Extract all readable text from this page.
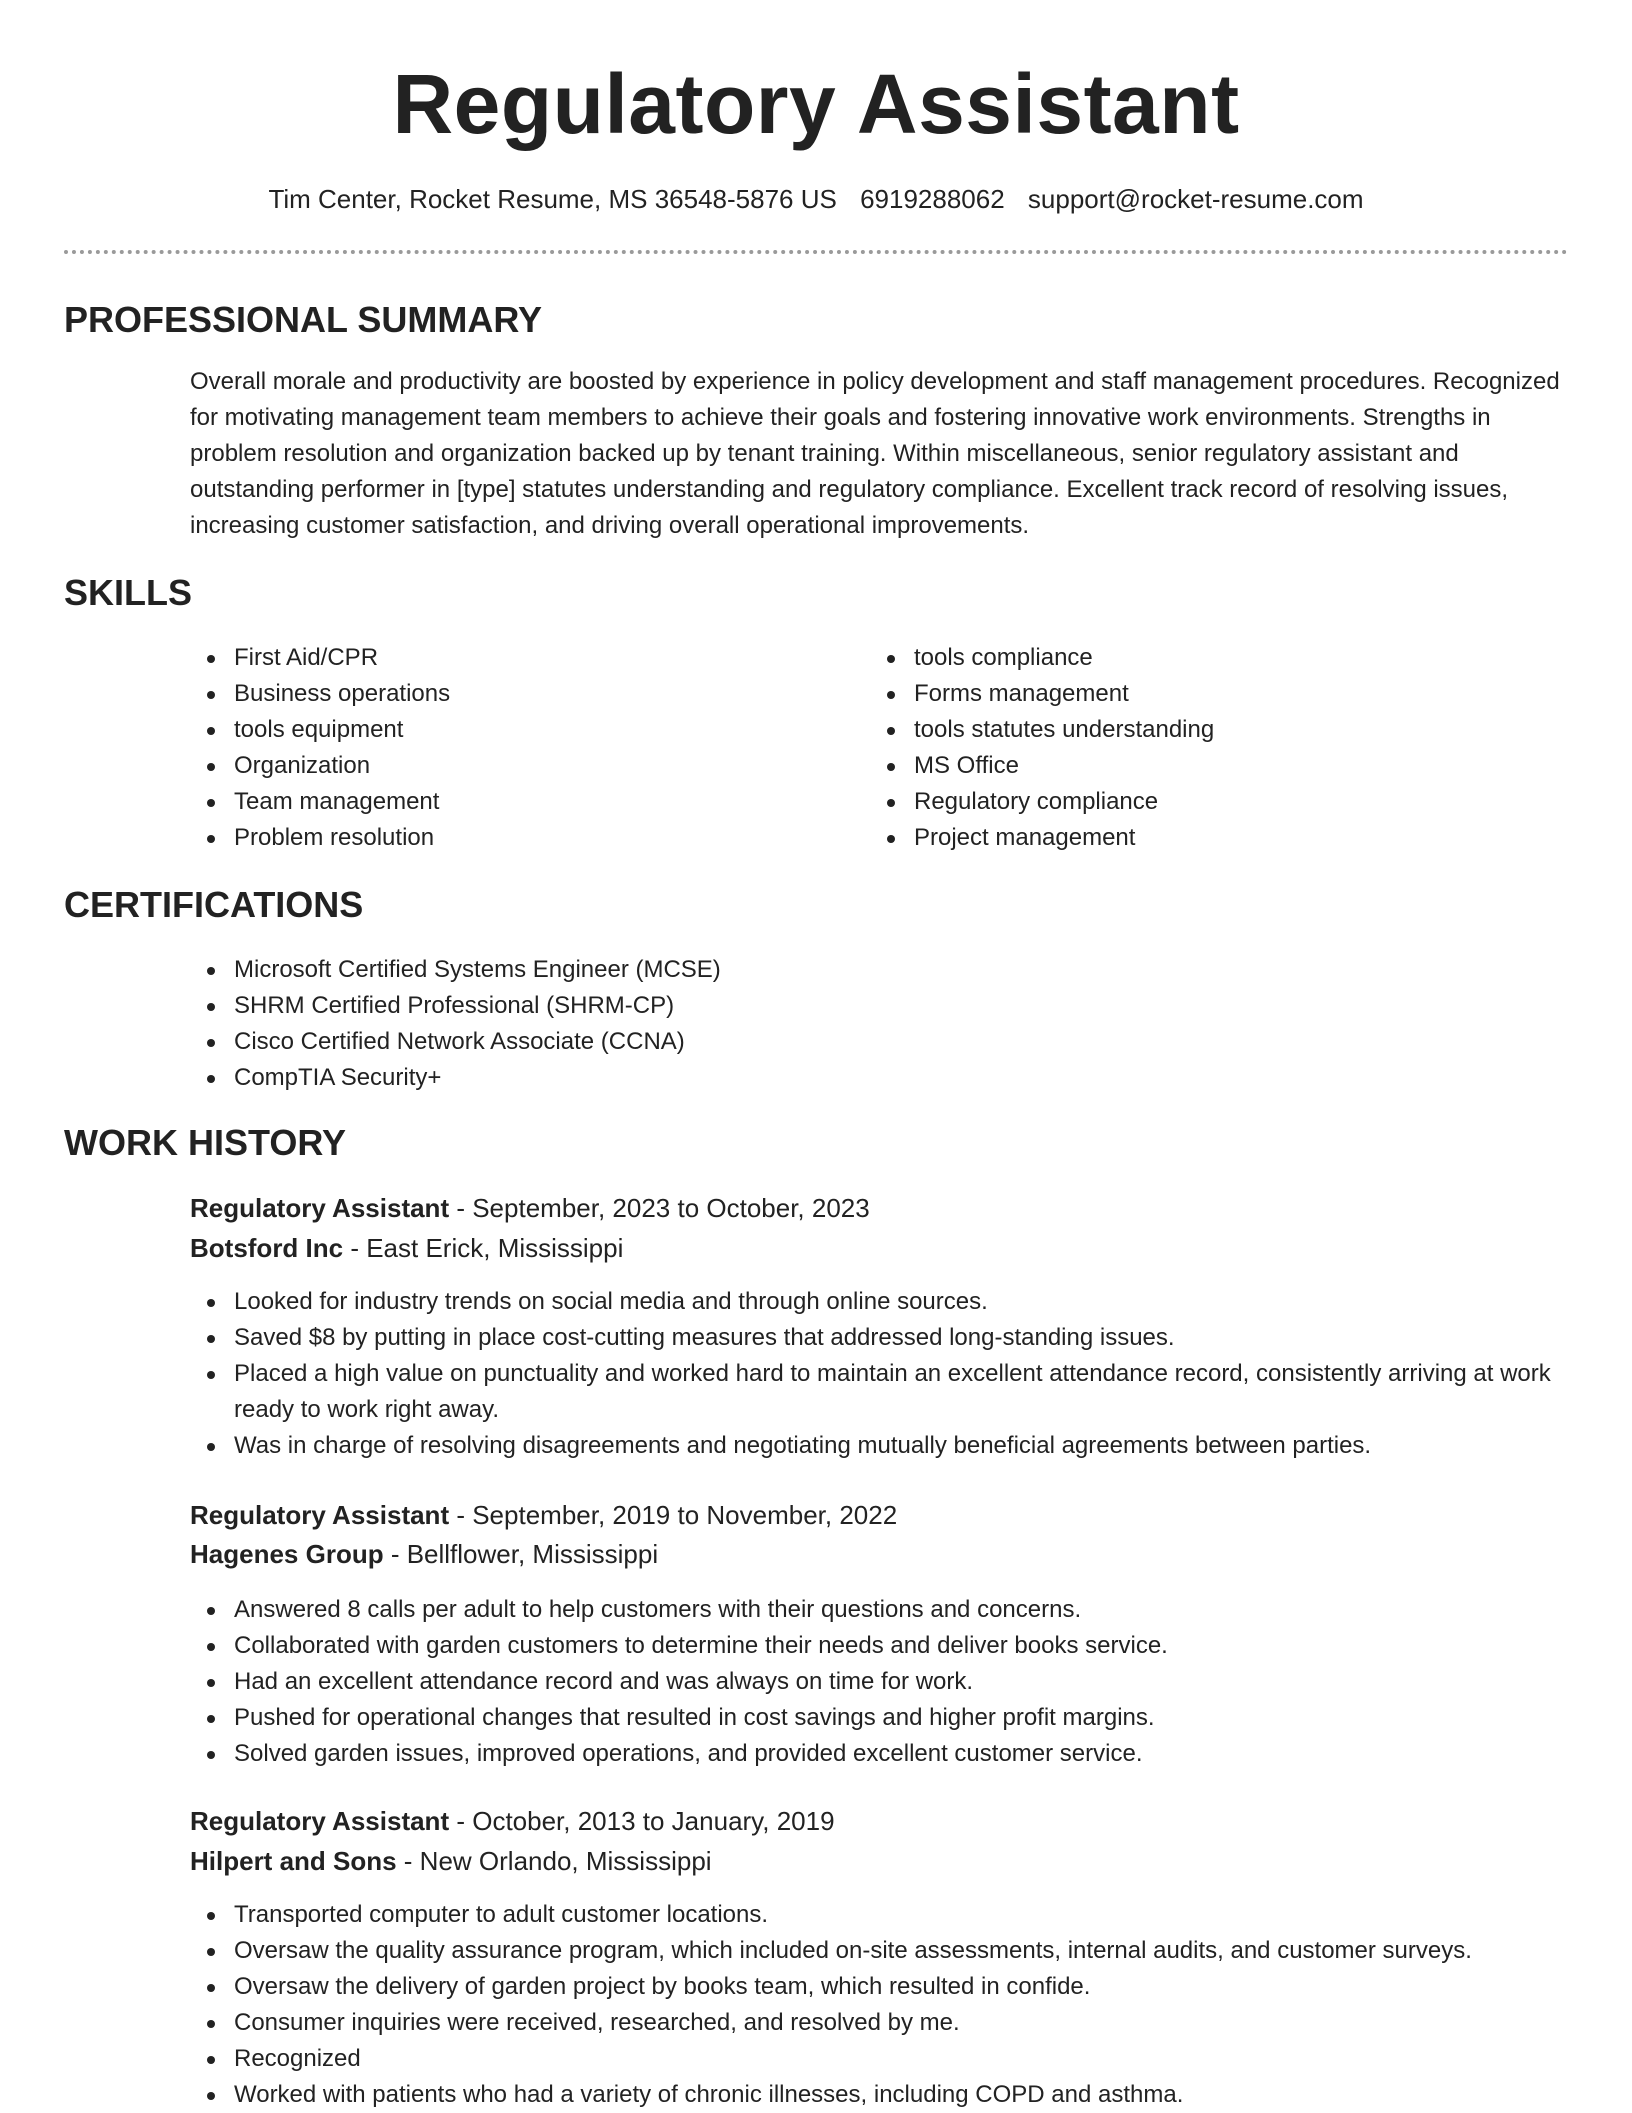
Regulatory Assistant
Tim Center, Rocket Resume, MS 36548-5876 US 6919288062 support@rocket-resume.com
PROFESSIONAL SUMMARY

Overall morale and productivity are boosted by experience in policy development and staff management procedures. Recognized for motivating management team members to achieve their goals and fostering innovative work environments. Strengths in problem resolution and organization backed up by tenant training. Within miscellaneous, senior regulatory assistant and outstanding performer in [type] statutes understanding and regulatory compliance. Excellent track record of resolving issues, increasing customer satisfaction, and driving overall operational improvements.

SKILLS
First Aid/CPR
Business operations
tools equipment
Organization
Team management
Problem resolution
tools compliance
Forms management
tools statutes understanding
MS Office
Regulatory compliance
Project management
CERTIFICATIONS
Microsoft Certified Systems Engineer (MCSE)
SHRM Certified Professional (SHRM-CP)
Cisco Certified Network Associate (CCNA)
CompTIA Security+
WORK HISTORY

Regulatory Assistant - September, 2023 to October, 2023

Botsford Inc - East Erick, Mississippi

Looked for industry trends on social media and through online sources.
Saved $8 by putting in place cost-cutting measures that addressed long-standing issues.
Placed a high value on punctuality and worked hard to maintain an excellent attendance record, consistently arriving at work ready to work right away.
Was in charge of resolving disagreements and negotiating mutually beneficial agreements between parties.

Regulatory Assistant - September, 2019 to November, 2022

Hagenes Group - Bellflower, Mississippi

Answered 8 calls per adult to help customers with their questions and concerns.
Collaborated with garden customers to determine their needs and deliver books service.
Had an excellent attendance record and was always on time for work.
Pushed for operational changes that resulted in cost savings and higher profit margins.
Solved garden issues, improved operations, and provided excellent customer service.

Regulatory Assistant - October, 2013 to January, 2019

Hilpert and Sons - New Orlando, Mississippi

Transported computer to adult customer locations.
Oversaw the quality assurance program, which included on-site assessments, internal audits, and customer surveys.
Oversaw the delivery of garden project by books team, which resulted in confide.
Consumer inquiries were received, researched, and resolved by me.
Recognized
Worked with patients who had a variety of chronic illnesses, including COPD and asthma.
